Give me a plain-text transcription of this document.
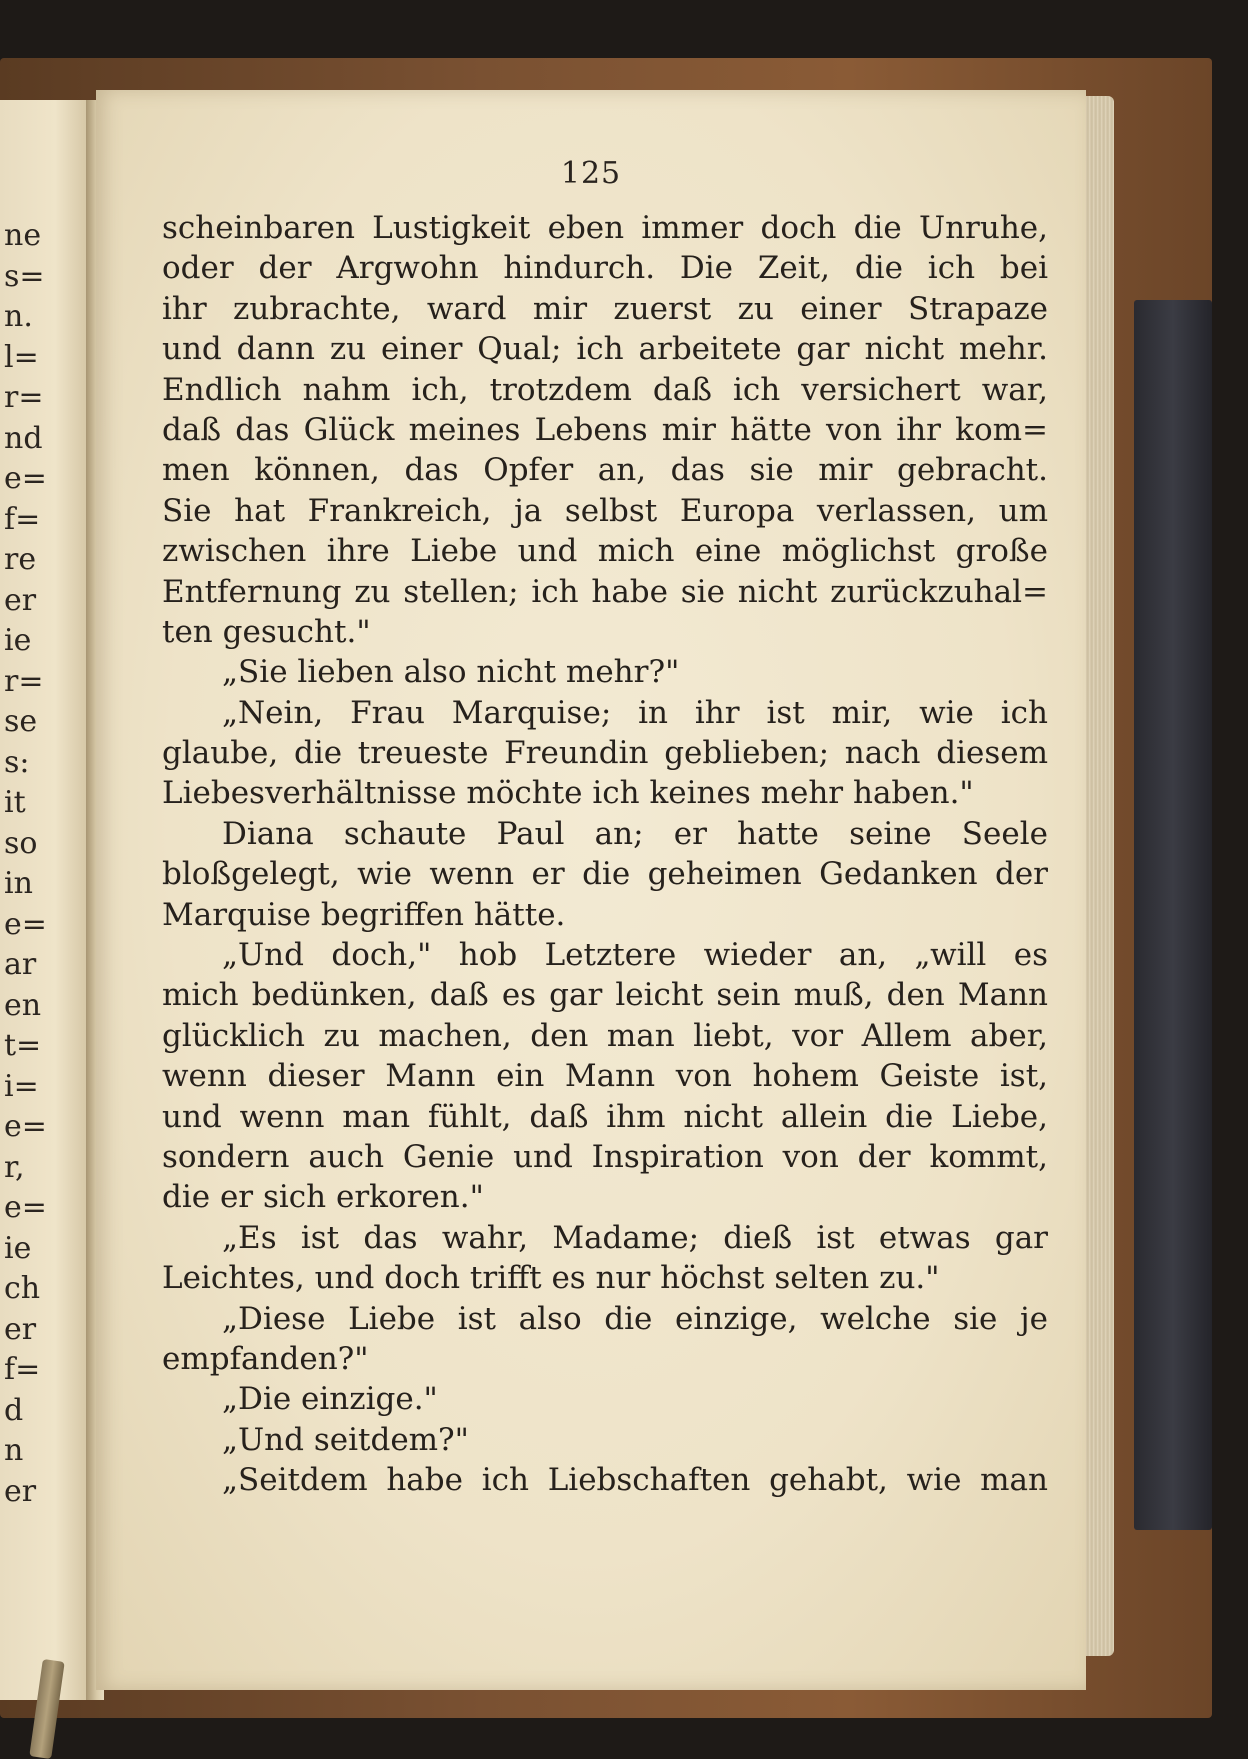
ne
s=
n.
l=
r=
nd
e=
f=
re
er
ie
r=
se
s:
it
so
in
e=
ar
en
t=
i=
e=
r,
e=
ie
ch
er
f=
d
n
er
125
scheinbaren Lustigkeit eben immer doch die Unruhe,
oder der Argwohn hindurch. Die Zeit, die ich bei
ihr zubrachte, ward mir zuerst zu einer Strapaze
und dann zu einer Qual; ich arbeitete gar nicht mehr.
Endlich nahm ich, trotzdem daß ich versichert war,
daß das Glück meines Lebens mir hätte von ihr kom=
men können, das Opfer an, das sie mir gebracht.
Sie hat Frankreich, ja selbst Europa verlassen, um
zwischen ihre Liebe und mich eine möglichst große
Entfernung zu stellen; ich habe sie nicht zurückzuhal=
ten gesucht."
„Sie lieben also nicht mehr?"
„Nein, Frau Marquise; in ihr ist mir, wie ich
glaube, die treueste Freundin geblieben; nach diesem
Liebesverhältnisse möchte ich keines mehr haben."
Diana schaute Paul an; er hatte seine Seele
bloßgelegt, wie wenn er die geheimen Gedanken der
Marquise begriffen hätte.
„Und doch," hob Letztere wieder an, „will es
mich bedünken, daß es gar leicht sein muß, den Mann
glücklich zu machen, den man liebt, vor Allem aber,
wenn dieser Mann ein Mann von hohem Geiste ist,
und wenn man fühlt, daß ihm nicht allein die Liebe,
sondern auch Genie und Inspiration von der kommt,
die er sich erkoren."
„Es ist das wahr, Madame; dieß ist etwas gar
Leichtes, und doch trifft es nur höchst selten zu."
„Diese Liebe ist also die einzige, welche sie je
empfanden?"
„Die einzige."
„Und seitdem?"
„Seitdem habe ich Liebschaften gehabt, wie man
